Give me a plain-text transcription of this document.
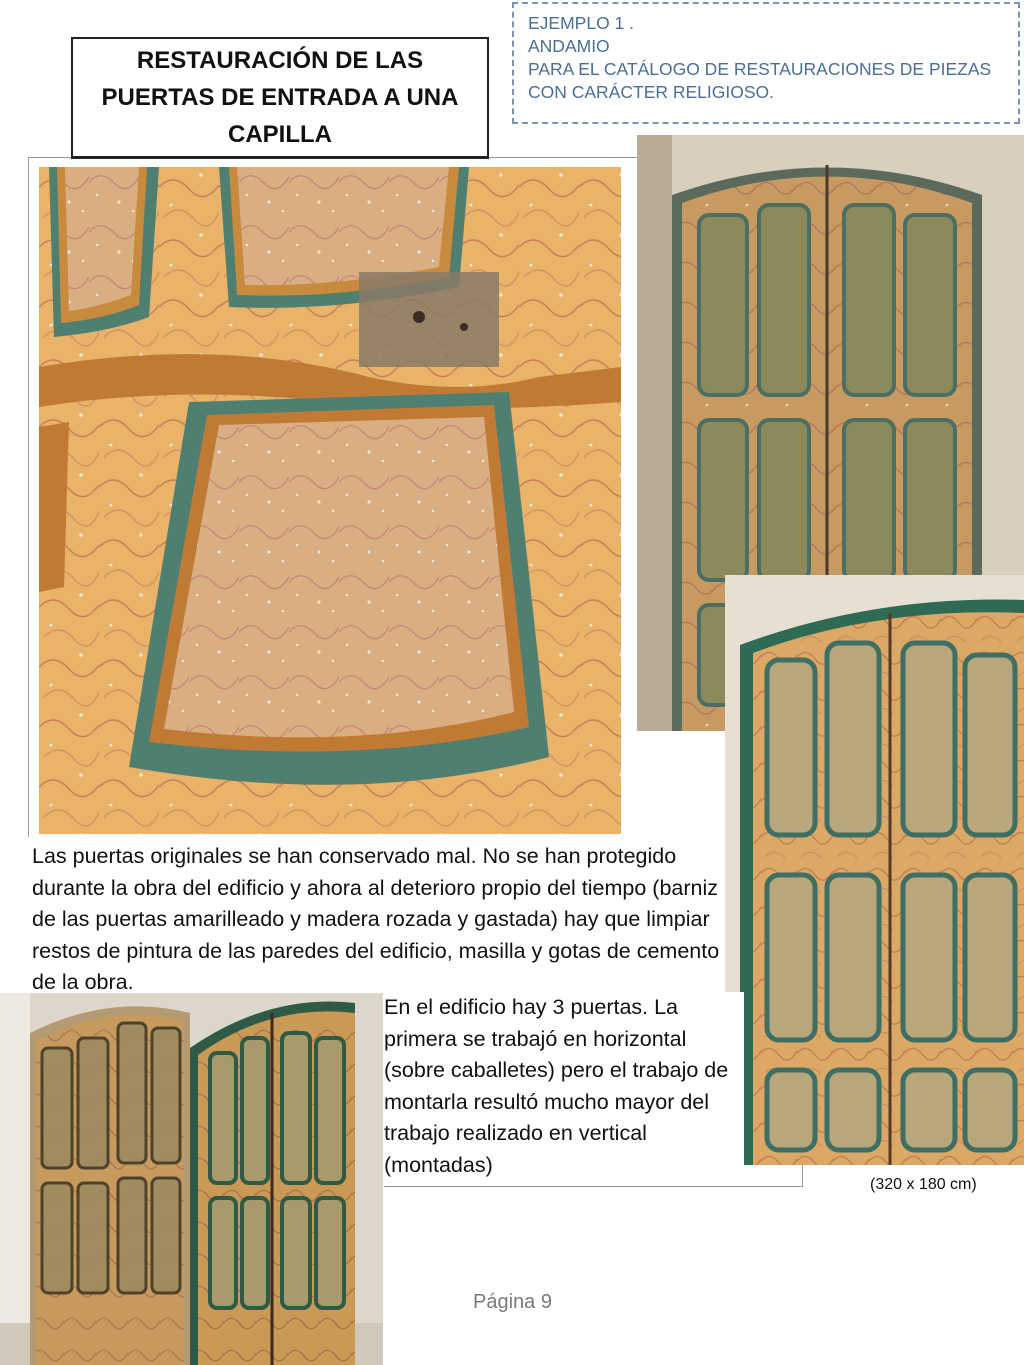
RESTAURACIÓN DE LAS PUERTAS DE ENTRADA A UNA CAPILLA
EJEMPLO 1 .
ANDAMIO
PARA EL CATÁLOGO DE RESTAURACIONES DE PIEZAS
CON CARÁCTER RELIGIOSO.
Las puertas originales se han conservado mal. No se han protegido durante la obra del edificio y ahora al deterioro propio del tiempo (barniz de las puertas amarilleado y madera rozada y gastada) hay que limpiar restos de pintura de las paredes del edificio, masilla y gotas de cemento de la obra.
En el edificio hay 3 puertas. La primera se trabajó en horizontal (sobre caballetes) pero el trabajo de montarla resultó mucho mayor del trabajo realizado en vertical (montadas)
(320 x 180 cm)
Página 9
